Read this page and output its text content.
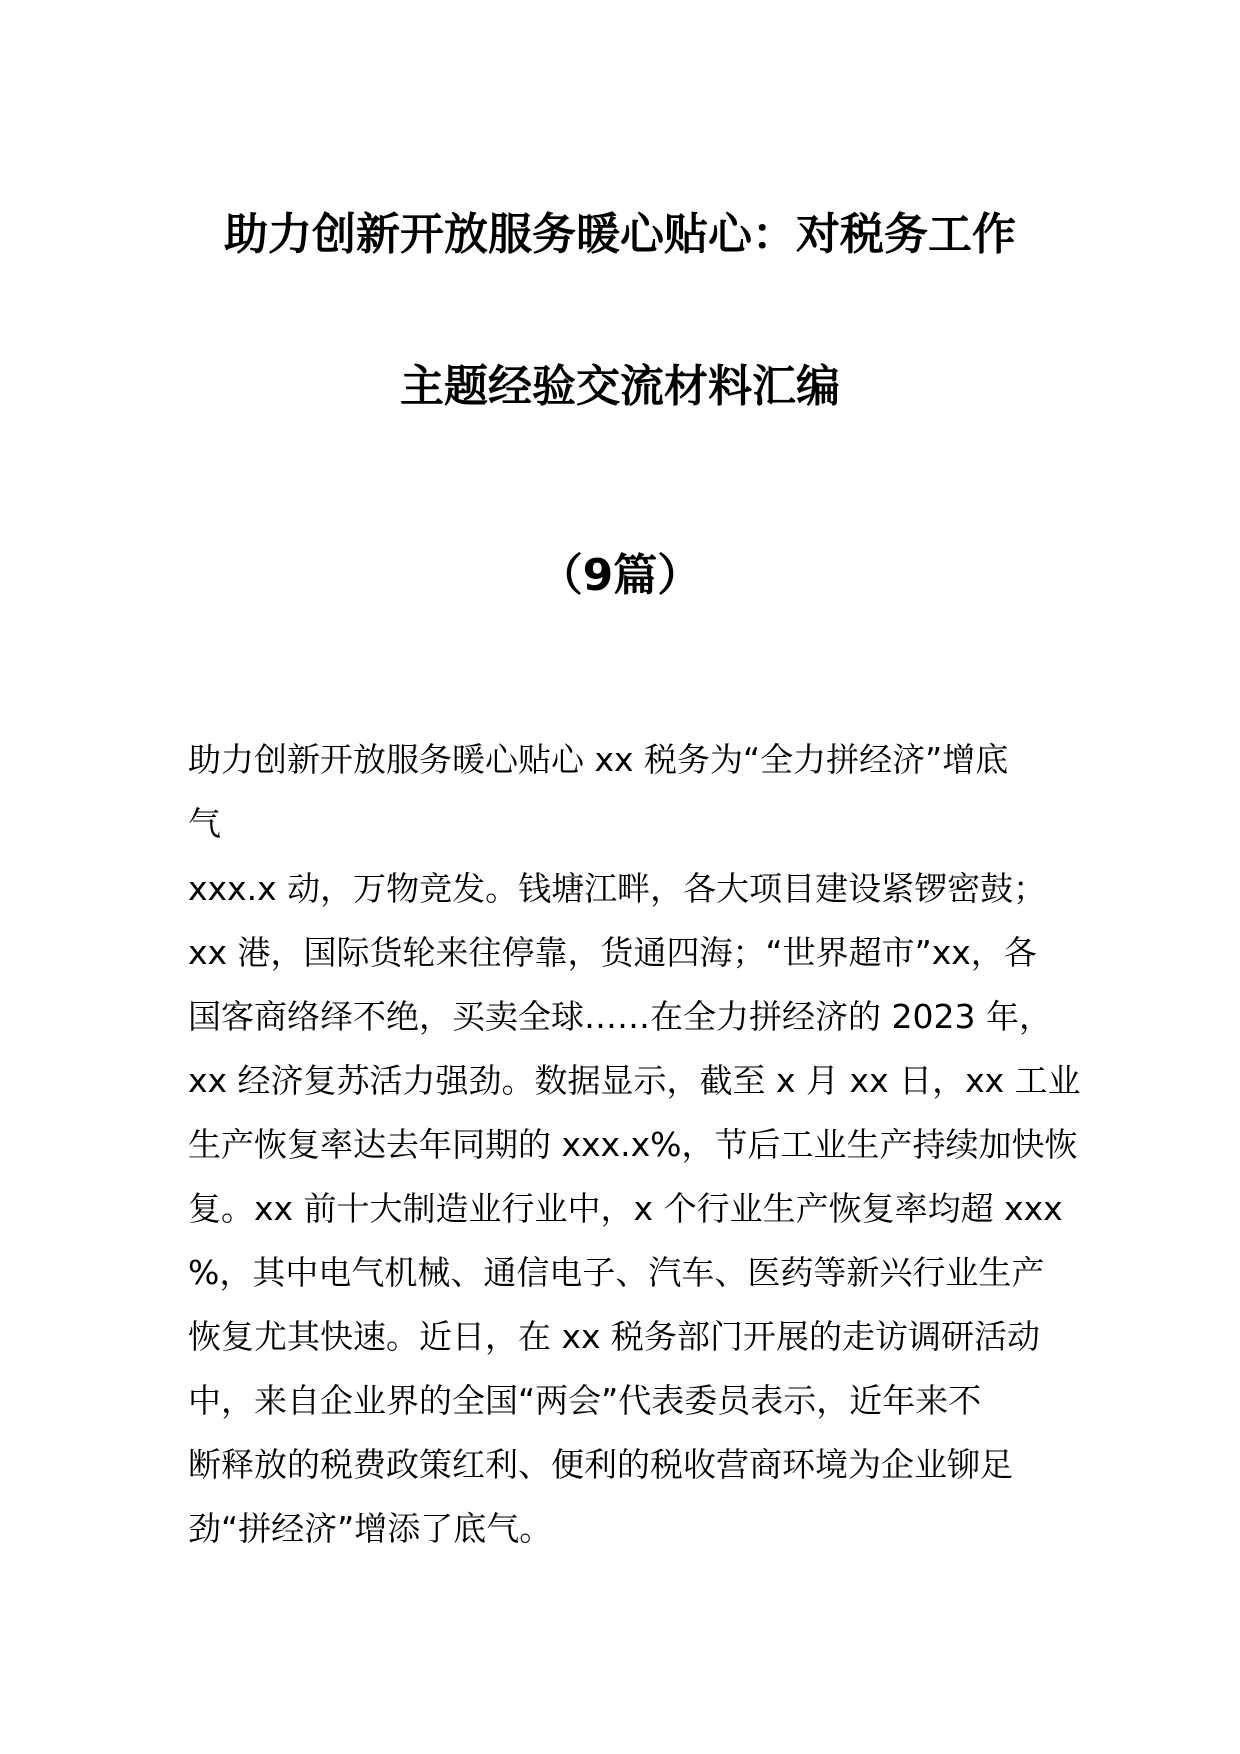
助力创新开放服务暖心贴心：对税务工作
主题经验交流材料汇编
（9篇）
助力创新开放服务暖心贴心 xx 税务为“全力拼经济”增底
气
xxx.x 动，万物竞发。钱塘江畔，各大项目建设紧锣密鼓；
xx 港，国际货轮来往停靠，货通四海；“世界超市”xx，各
国客商络绎不绝，买卖全球……在全力拼经济的 2023 年，
xx 经济复苏活力强劲。数据显示，截至 x 月 xx 日，xx 工业
生产恢复率达去年同期的 xxx.x%，节后工业生产持续加快恢
复。xx 前十大制造业行业中，x 个行业生产恢复率均超 xxx
%，其中电气机械、通信电子、汽车、医药等新兴行业生产
恢复尤其快速。近日，在 xx 税务部门开展的走访调研活动
中，来自企业界的全国“两会”代表委员表示，近年来不
断释放的税费政策红利、便利的税收营商环境为企业铆足
劲“拼经济”增添了底气。
